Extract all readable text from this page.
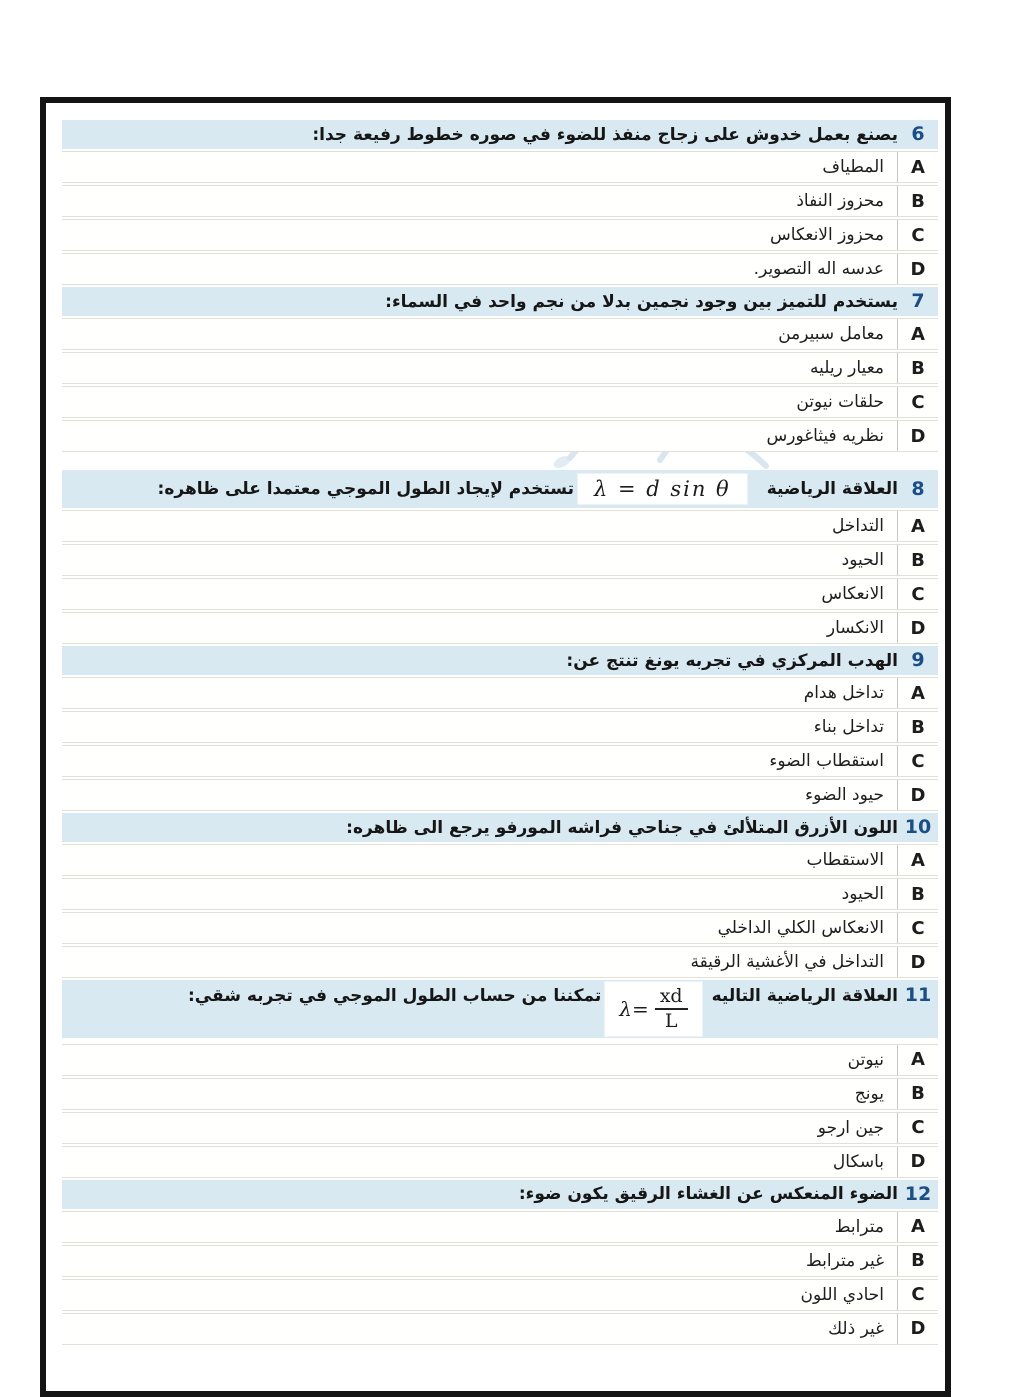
6
يصنع بعمل خدوش على زجاج منفذ للضوء في صوره خطوط رفيعة جدا:
A
المطياف
B
محزوز النفاذ
C
محزوز الانعكاس
D
عدسه اله التصوير.
7
يستخدم للتميز بين وجود نجمين بدلا من نجم واحد في السماء:
A
معامل سبيرمن
B
معيار ريليه
C
حلقات نيوتن
D
نظريه فيثاغورس
8
العلاقة الرياضية
λ = d sin θ
تستخدم لإيجاد الطول الموجي معتمدا على ظاهره:
A
التداخل
B
الحيود
C
الانعكاس
D
الانكسار
9
الهدب المركزي في تجربه يونغ تنتج عن:
A
تداخل هدام
B
تداخل بناء
C
استقطاب الضوء
D
حيود الضوء
10
اللون الأزرق المتلألئ في جناحي فراشه المورفو يرجع الى ظاهره:
A
الاستقطاب
B
الحيود
C
الانعكاس الكلي الداخلي
D
التداخل في الأغشية الرقيقة
11
العلاقة الرياضية التاليه
$\lambda= \frac{xd}{L}$
تمكننا من حساب الطول الموجي في تجربه شقي:
A
نيوتن
B
يونج
C
جين ارجو
D
باسكال
12
الضوء المنعكس عن الغشاء الرقيق يكون ضوء:
A
مترابط
B
غير مترابط
C
احادي اللون
D
غير ذلك
